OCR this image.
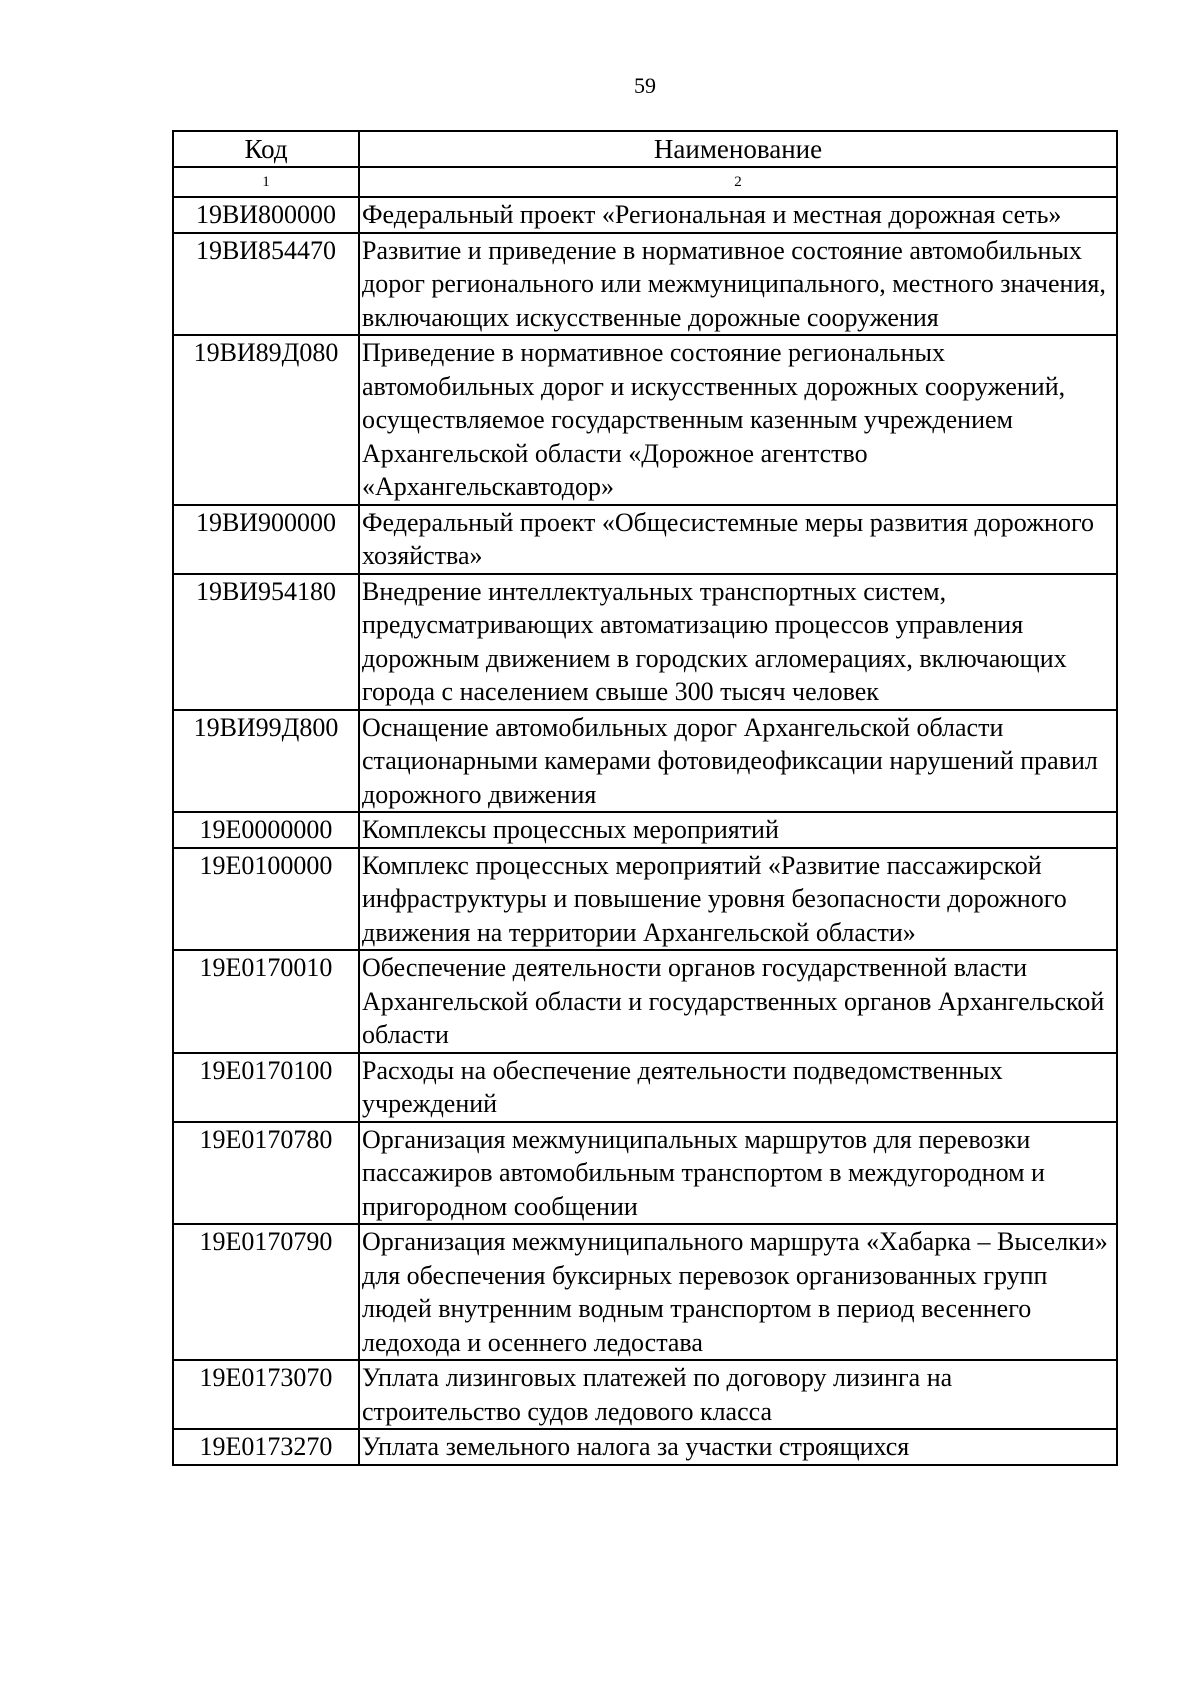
59
Код	Наименование
1	2
19ВИ800000	Федеральный проект «Региональная и местная дорожная сеть»
19ВИ854470	Развитие и приведение в нормативное состояние автомобильных дорог регионального или межмуниципального, местного значения, включающих искусственные дорожные сооружения
19ВИ89Д080	Приведение в нормативное состояние региональных автомобильных дорог и искусственных дорожных сооружений, осуществляемое государственным казенным учреждением Архангельской области «Дорожное агентство «Архангельскавтодор»
19ВИ900000	Федеральный проект «Общесистемные меры развития дорожного хозяйства»
19ВИ954180	Внедрение интеллектуальных транспортных систем, предусматривающих автоматизацию процессов управления дорожным движением в городских агломерациях, включающих города с населением свыше 300 тысяч человек
19ВИ99Д800	Оснащение автомобильных дорог Архангельской области стационарными камерами фотовидеофиксации нарушений правил дорожного движения
19Е0000000	Комплексы процессных мероприятий
19Е0100000	Комплекс процессных мероприятий «Развитие пассажирской инфраструктуры и повышение уровня безопасности дорожного движения на территории Архангельской области»
19Е0170010	Обеспечение деятельности органов государственной власти Архангельской области и государственных органов Архангельской области
19Е0170100	Расходы на обеспечение деятельности подведомственных учреждений
19Е0170780	Организация межмуниципальных маршрутов для перевозки пассажиров автомобильным транспортом в междугородном и пригородном сообщении
19Е0170790	Организация межмуниципального маршрута «Хабарка – Выселки» для обеспечения буксирных перевозок организованных групп людей внутренним водным транспортом в период весеннего ледохода и осеннего ледостава
19Е0173070	Уплата лизинговых платежей по договору лизинга на строительство судов ледового класса
19Е0173270	Уплата земельного налога за участки строящихся
